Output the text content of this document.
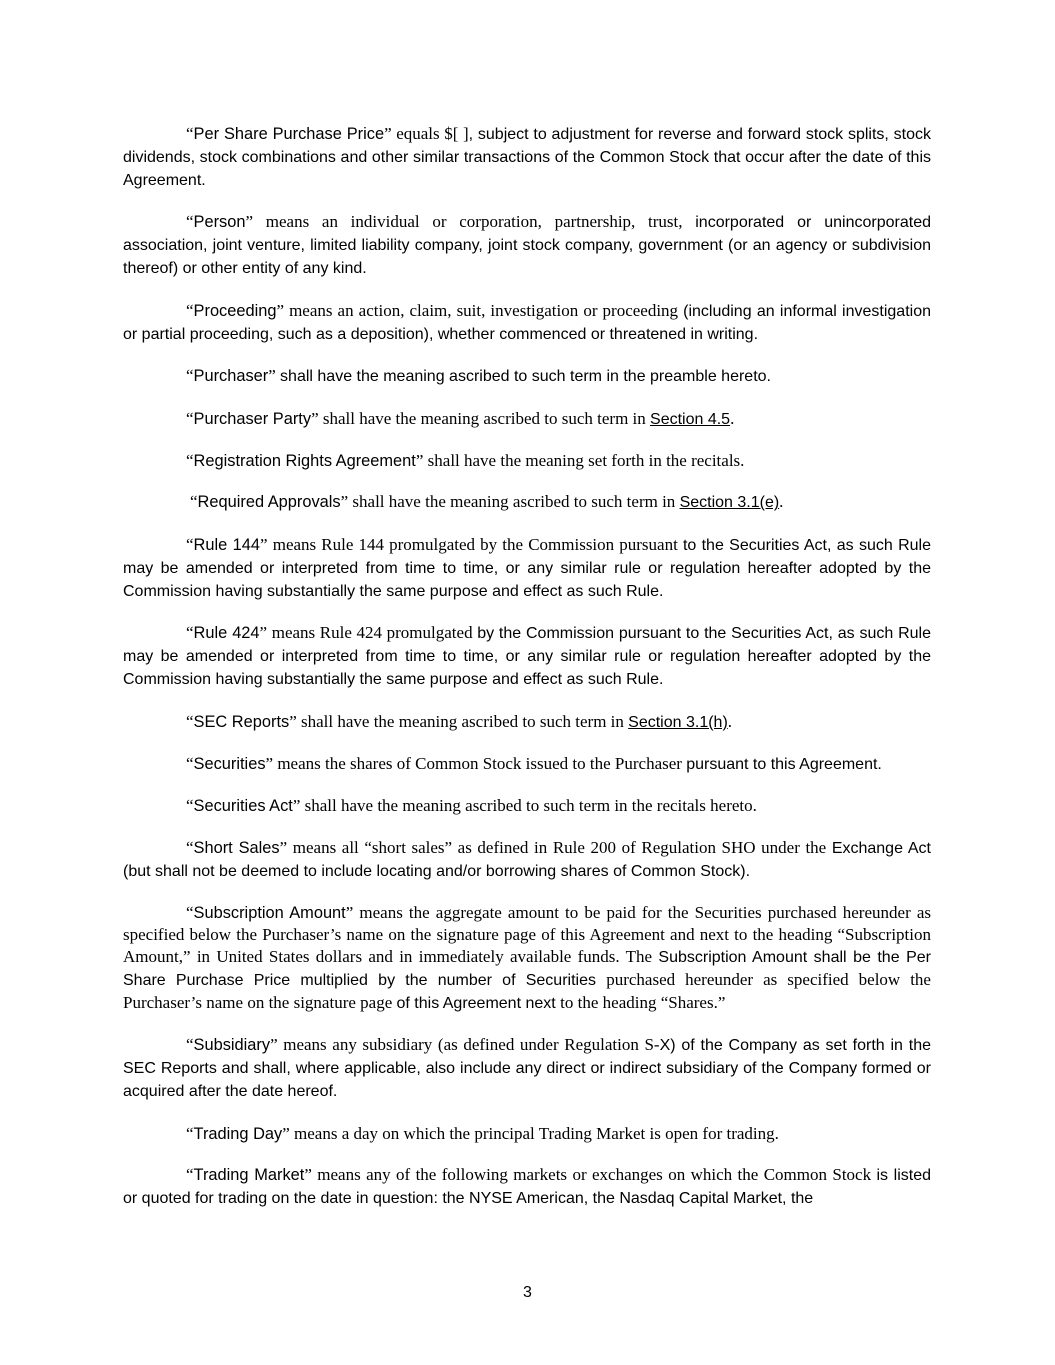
“Per Share Purchase Price” equals $[ ], subject to adjustment for reverse and forward stock splits, stock dividends, stock combinations and other similar transactions of the Common Stock that occur after the date of this Agreement.

“Person” means an individual or corporation, partnership, trust, incorporated or unincorporated association, joint venture, limited liability company, joint stock company, government (or an agency or subdivision thereof) or other entity of any kind.

“Proceeding” means an action, claim, suit, investigation or proceeding (including an informal investigation or partial proceeding, such as a deposition), whether commenced or threatened in writing.

“Purchaser” shall have the meaning ascribed to such term in the preamble hereto.

“Purchaser Party” shall have the meaning ascribed to such term in Section 4.5.

“Registration Rights Agreement” shall have the meaning set forth in the recitals.

“Required Approvals” shall have the meaning ascribed to such term in Section 3.1(e).

“Rule 144” means Rule 144 promulgated by the Commission pursuant to the Securities Act, as such Rule may be amended or interpreted from time to time, or any similar rule or regulation hereafter adopted by the Commission having substantially the same purpose and effect as such Rule.

“Rule 424” means Rule 424 promulgated by the Commission pursuant to the Securities Act, as such Rule may be amended or interpreted from time to time, or any similar rule or regulation hereafter adopted by the Commission having substantially the same purpose and effect as such Rule.

“SEC Reports” shall have the meaning ascribed to such term in Section 3.1(h).

“Securities” means the shares of Common Stock issued to the Purchaser pursuant to this Agreement.

“Securities Act” shall have the meaning ascribed to such term in the recitals hereto.

“Short Sales” means all “short sales” as defined in Rule 200 of Regulation SHO under the Exchange Act (but shall not be deemed to include locating and/or borrowing shares of Common Stock).

“Subscription Amount” means the aggregate amount to be paid for the Securities purchased hereunder as specified below the Purchaser’s name on the signature page of this Agreement and next to the heading “Subscription Amount,” in United States dollars and in immediately available funds. The Subscription Amount shall be the Per Share Purchase Price multiplied by the number of Securities purchased hereunder as specified below the Purchaser’s name on the signature page of this Agreement next to the heading “Shares.”

“Subsidiary” means any subsidiary (as defined under Regulation S-X) of the Company as set forth in the SEC Reports and shall, where applicable, also include any direct or indirect subsidiary of the Company formed or acquired after the date hereof.

“Trading Day” means a day on which the principal Trading Market is open for trading.

“Trading Market” means any of the following markets or exchanges on which the Common Stock is listed or quoted for trading on the date in question: the NYSE American, the Nasdaq Capital Market, the

3
